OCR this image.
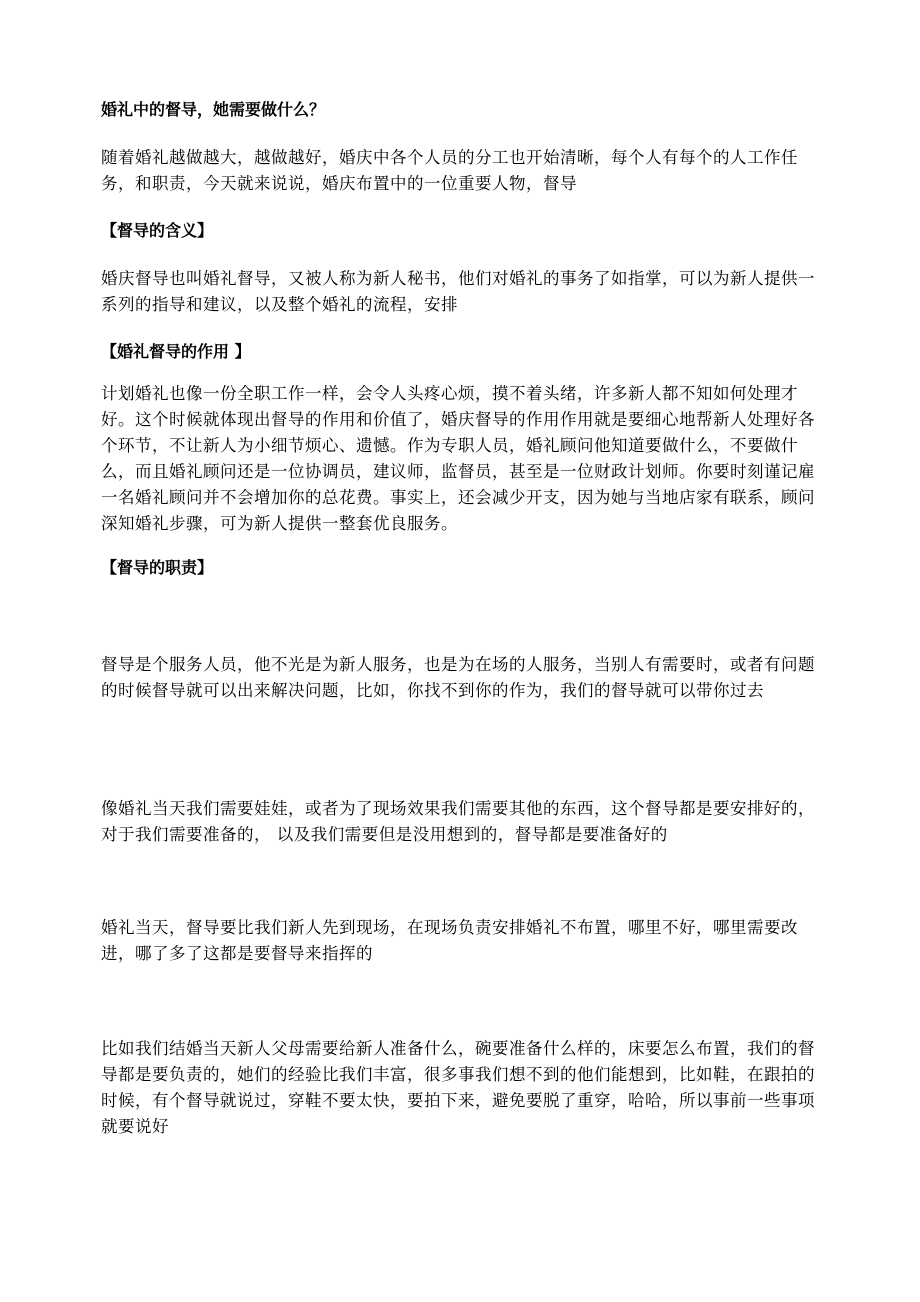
婚礼中的督导，她需要做什么？

随着婚礼越做越大，越做越好，婚庆中各个人员的分工也开始清晰，每个人有每个的人工作任务，和职责，今天就来说说，婚庆布置中的一位重要人物，督导

【督导的含义】

婚庆督导也叫婚礼督导，又被人称为新人秘书，他们对婚礼的事务了如指掌，可以为新人提供一系列的指导和建议，以及整个婚礼的流程，安排

【婚礼督导的作用 】

计划婚礼也像一份全职工作一样，会令人头疼心烦，摸不着头绪，许多新人都不知如何处理才好。这个时候就体现出督导的作用和价值了，婚庆督导的作用作用就是要细心地帮新人处理好各个环节，不让新人为小细节烦心、遗憾。作为专职人员，婚礼顾问他知道要做什么，不要做什么，而且婚礼顾问还是一位协调员，建议师，监督员，甚至是一位财政计划师。你要时刻谨记雇一名婚礼顾问并不会增加你的总花费。事实上，还会减少开支，因为她与当地店家有联系，顾问深知婚礼步骤，可为新人提供一整套优良服务。

【督导的职责】

督导是个服务人员，他不光是为新人服务，也是为在场的人服务，当别人有需要时，或者有问题的时候督导就可以出来解决问题，比如，你找不到你的作为，我们的督导就可以带你过去

像婚礼当天我们需要娃娃，或者为了现场效果我们需要其他的东西，这个督导都是要安排好的，对于我们需要准备的， 以及我们需要但是没用想到的，督导都是要准备好的

婚礼当天，督导要比我们新人先到现场，在现场负责安排婚礼不布置，哪里不好，哪里需要改进，哪了多了这都是要督导来指挥的

比如我们结婚当天新人父母需要给新人准备什么，碗要准备什么样的，床要怎么布置，我们的督导都是要负责的，她们的经验比我们丰富，很多事我们想不到的他们能想到，比如鞋，在跟拍的时候，有个督导就说过，穿鞋不要太快，要拍下来，避免要脱了重穿，哈哈，所以事前一些事项就要说好
